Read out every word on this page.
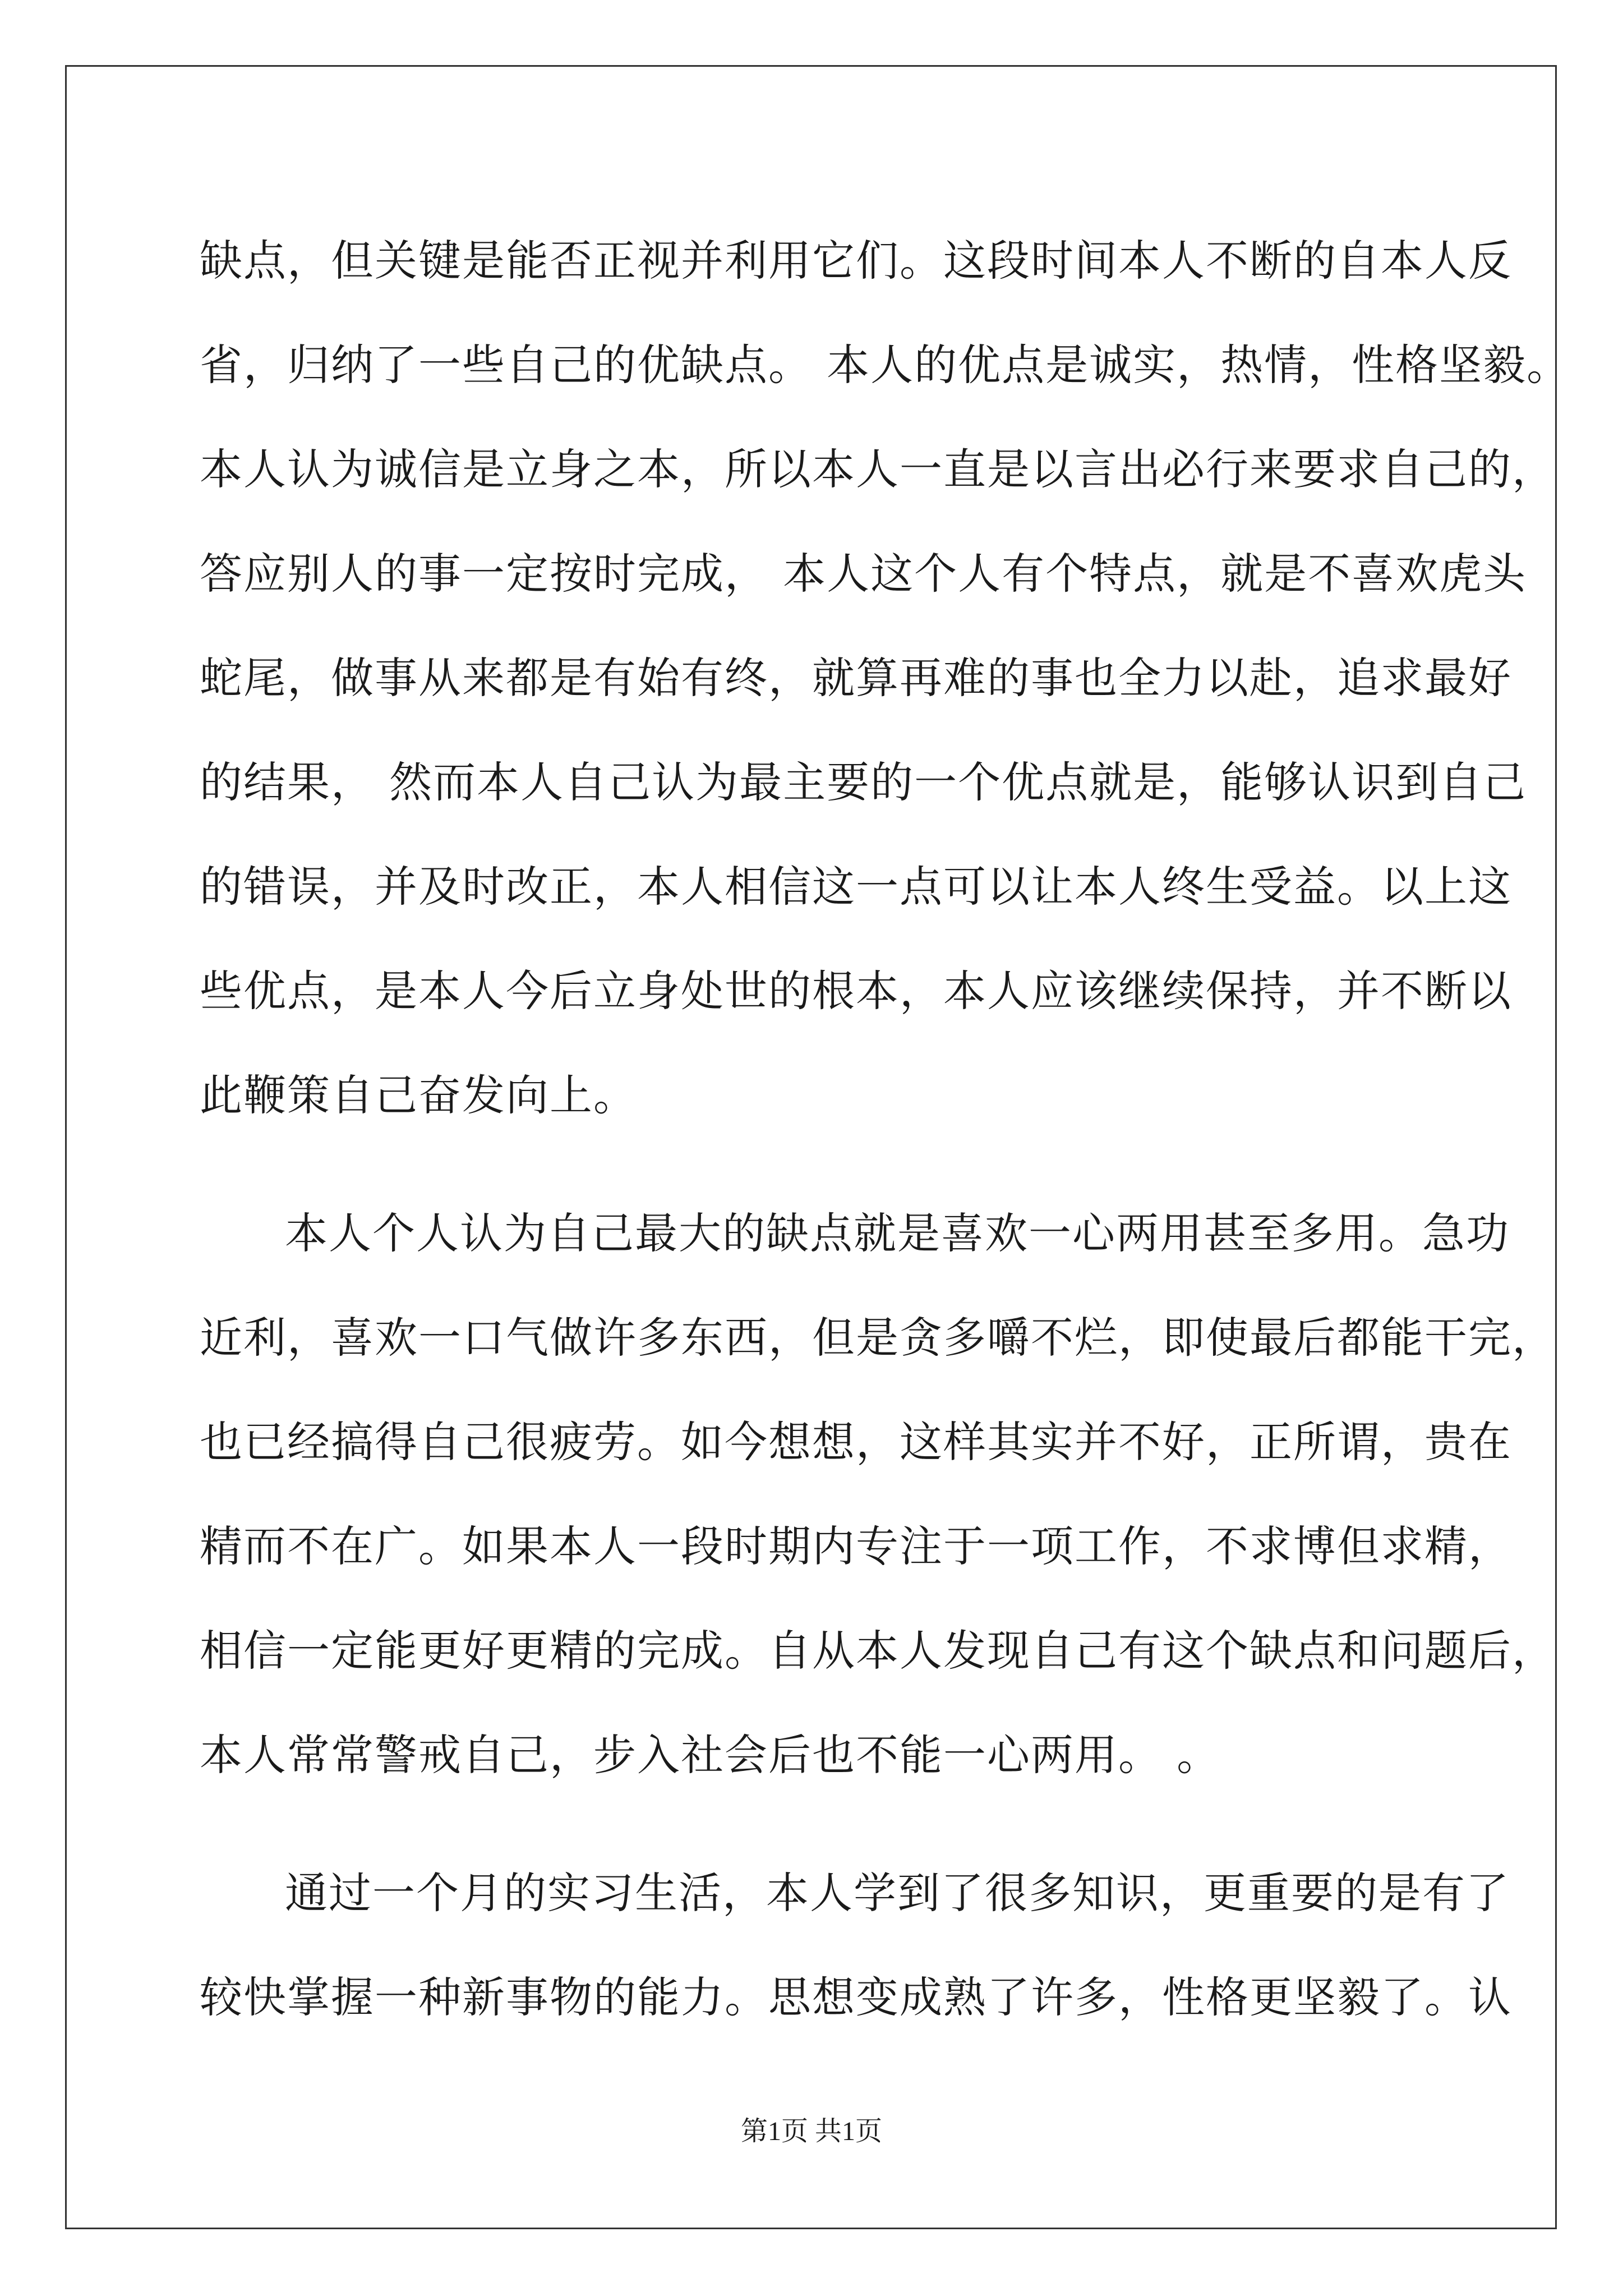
缺点，但关键是能否正视并利用它们。这段时间本人不断的自本人反
省，归纳了一些自己的优缺点。 本人的优点是诚实，热情，性格坚毅。
本人认为诚信是立身之本，所以本人一直是以言出必行来要求自己的，
答应别人的事一定按时完成， 本人这个人有个特点，就是不喜欢虎头
蛇尾，做事从来都是有始有终，就算再难的事也全力以赴，追求最好
的结果， 然而本人自己认为最主要的一个优点就是，能够认识到自己
的错误，并及时改正，本人相信这一点可以让本人终生受益。以上这
些优点，是本人今后立身处世的根本，本人应该继续保持，并不断以
此鞭策自己奋发向上。
本人个人认为自己最大的缺点就是喜欢一心两用甚至多用。急功
近利，喜欢一口气做许多东西，但是贪多嚼不烂，即使最后都能干完，
也已经搞得自己很疲劳。如今想想，这样其实并不好，正所谓，贵在
精而不在广。如果本人一段时期内专注于一项工作，不求博但求精，
相信一定能更好更精的完成。自从本人发现自己有这个缺点和问题后，
本人常常警戒自己，步入社会后也不能一心两用。 。
通过一个月的实习生活，本人学到了很多知识，更重要的是有了
较快掌握一种新事物的能力。思想变成熟了许多，性格更坚毅了。认
第1页 共1页
